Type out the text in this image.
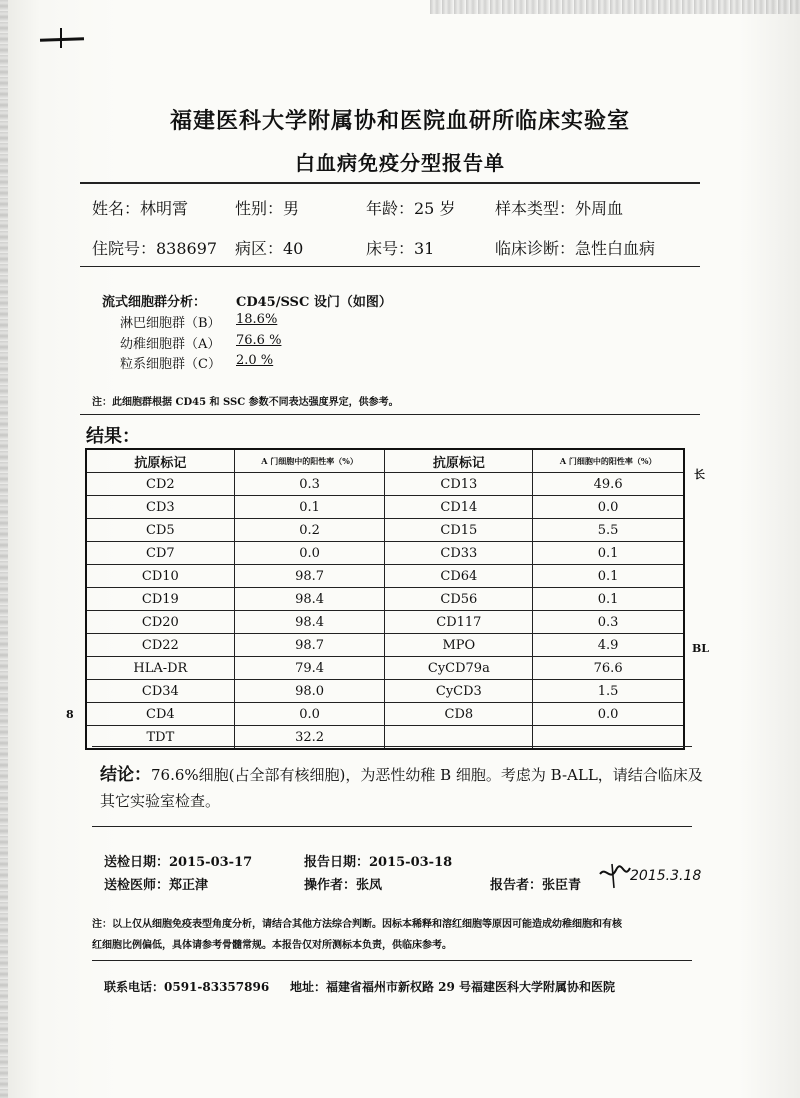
福建医科大学附属协和医院血研所临床实验室
白血病免疫分型报告单
姓名：林明霄	性别：男	年龄：25 岁 样本类型：外周血
住院号：838697 病区：40	床号：31	临床诊断：急性白血病
流式细胞群分析： CD45/SSC 设门（如图）
淋巴细胞群（B） 18.6%
幼稚细胞群（A） 76.6 %
粒系细胞群（C） 2.0 %
注：此细胞群根据 CD45 和 SSC 参数不同表达强度界定，供参考。
结果：
抗原标记	A 门细胞中的阳性率（%）	抗原标记	A 门细胞中的阳性率（%）
CD2	0.3	CD13	49.6
CD3	0.1	CD14	0.0
CD5	0.2	CD15	5.5
CD7	0.0	CD33	0.1
CD10	98.7	CD64	0.1
CD19	98.4	CD56	0.1
CD20	98.4	CD117	0.3
CD22	98.7	MPO	4.9
HLA-DR	79.4	CyCD79a	76.6
CD34	98.0	CyCD3	1.5
CD4	0.0	CD8	0.0
TDT	32.2		
长
BL
8
结论：76.6%细胞(占全部有核细胞)，为恶性幼稚 B 细胞。考虑为 B-ALL，请结合临床及
其它实验室检查。
送检日期：2015-03-17	报告日期：2015-03-18
送检医师：郑正津	操作者：张凤	报告者：张臣青
2015.3.18
注：以上仅从细胞免疫表型角度分析，请结合其他方法综合判断。因标本稀释和溶红细胞等原因可能造成幼稚细胞和有核
红细胞比例偏低，具体请参考骨髓常规。本报告仅对所测标本负责，供临床参考。
联系电话：0591-83357896 地址：福建省福州市新权路 29 号福建医科大学附属协和医院
